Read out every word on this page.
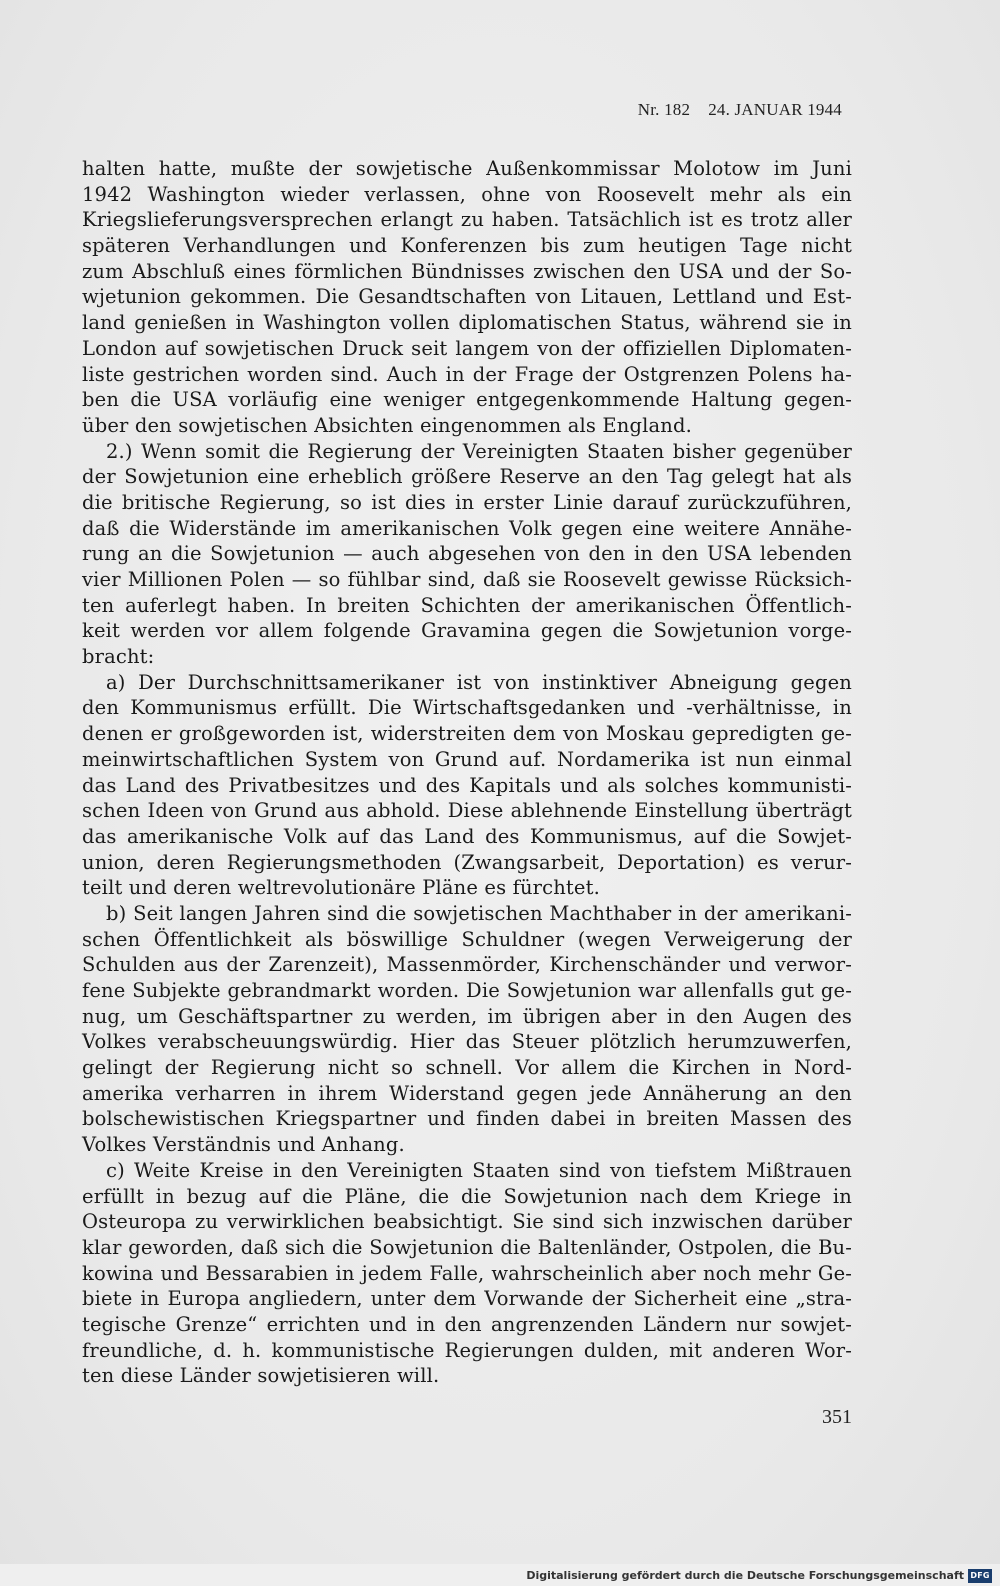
Nr. 182 24. JANUAR 1944
halten hatte, mußte der sowjetische Außenkommissar Molotow im Juni
1942 Washington wieder verlassen, ohne von Roosevelt mehr als ein
Kriegslieferungsversprechen erlangt zu haben. Tatsächlich ist es trotz aller
späteren Verhandlungen und Konferenzen bis zum heutigen Tage nicht
zum Abschluß eines förmlichen Bündnisses zwischen den USA und der So-
wjetunion gekommen. Die Gesandtschaften von Litauen, Lettland und Est-
land genießen in Washington vollen diplomatischen Status, während sie in
London auf sowjetischen Druck seit langem von der offiziellen Diplomaten-
liste gestrichen worden sind. Auch in der Frage der Ostgrenzen Polens ha-
ben die USA vorläufig eine weniger entgegenkommende Haltung gegen-
über den sowjetischen Absichten eingenommen als England.
2.) Wenn somit die Regierung der Vereinigten Staaten bisher gegenüber
der Sowjetunion eine erheblich größere Reserve an den Tag gelegt hat als
die britische Regierung, so ist dies in erster Linie darauf zurückzuführen,
daß die Widerstände im amerikanischen Volk gegen eine weitere Annähe-
rung an die Sowjetunion — auch abgesehen von den in den USA lebenden
vier Millionen Polen — so fühlbar sind, daß sie Roosevelt gewisse Rücksich-
ten auferlegt haben. In breiten Schichten der amerikanischen Öffentlich-
keit werden vor allem folgende Gravamina gegen die Sowjetunion vorge-
bracht:
a) Der Durchschnittsamerikaner ist von instinktiver Abneigung gegen
den Kommunismus erfüllt. Die Wirtschaftsgedanken und -verhältnisse, in
denen er großgeworden ist, widerstreiten dem von Moskau gepredigten ge-
meinwirtschaftlichen System von Grund auf. Nordamerika ist nun einmal
das Land des Privatbesitzes und des Kapitals und als solches kommunisti-
schen Ideen von Grund aus abhold. Diese ablehnende Einstellung überträgt
das amerikanische Volk auf das Land des Kommunismus, auf die Sowjet-
union, deren Regierungsmethoden (Zwangsarbeit, Deportation) es verur-
teilt und deren weltrevolutionäre Pläne es fürchtet.
b) Seit langen Jahren sind die sowjetischen Machthaber in der amerikani-
schen Öffentlichkeit als böswillige Schuldner (wegen Verweigerung der
Schulden aus der Zarenzeit), Massenmörder, Kirchenschänder und verwor-
fene Subjekte gebrandmarkt worden. Die Sowjetunion war allenfalls gut ge-
nug, um Geschäftspartner zu werden, im übrigen aber in den Augen des
Volkes verabscheuungswürdig. Hier das Steuer plötzlich herumzuwerfen,
gelingt der Regierung nicht so schnell. Vor allem die Kirchen in Nord-
amerika verharren in ihrem Widerstand gegen jede Annäherung an den
bolschewistischen Kriegspartner und finden dabei in breiten Massen des
Volkes Verständnis und Anhang.
c) Weite Kreise in den Vereinigten Staaten sind von tiefstem Mißtrauen
erfüllt in bezug auf die Pläne, die die Sowjetunion nach dem Kriege in
Osteuropa zu verwirklichen beabsichtigt. Sie sind sich inzwischen darüber
klar geworden, daß sich die Sowjetunion die Baltenländer, Ostpolen, die Bu-
kowina und Bessarabien in jedem Falle, wahrscheinlich aber noch mehr Ge-
biete in Europa angliedern, unter dem Vorwande der Sicherheit eine „stra-
tegische Grenze“ errichten und in den angrenzenden Ländern nur sowjet-
freundliche, d. h. kommunistische Regierungen dulden, mit anderen Wor-
ten diese Länder sowjetisieren will.
351
Digitalisierung gefördert durch die Deutsche Forschungsgemeinschaft DFG
